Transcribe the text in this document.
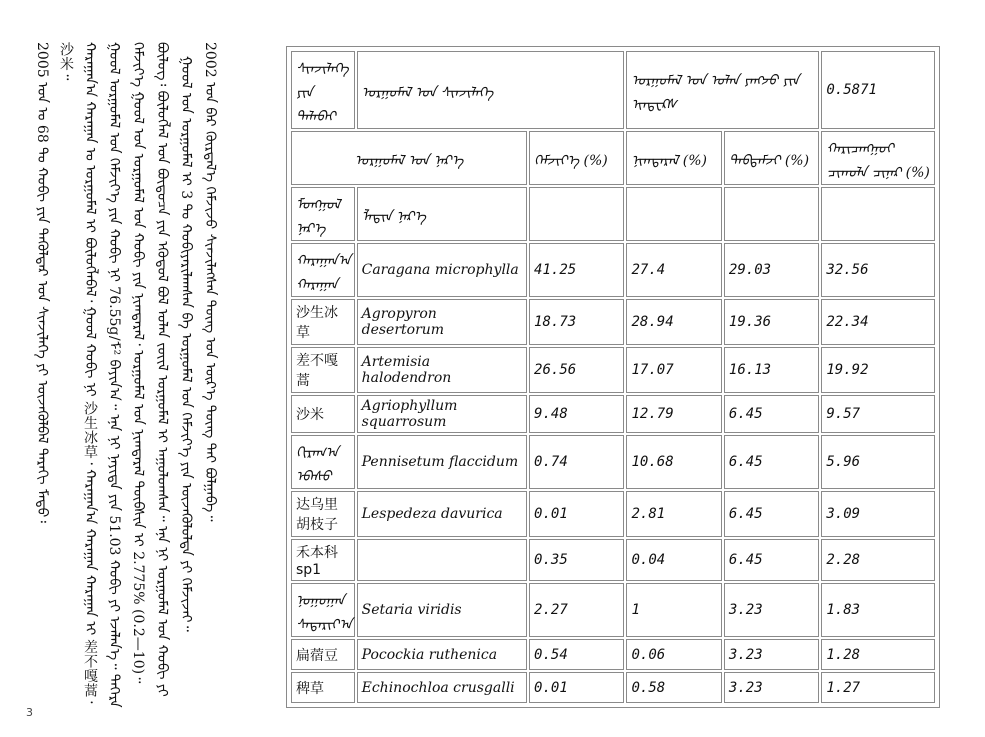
2005 ᠣᠨ ᠤ 68 ᠲᠤ ᠬᠤᠪᠢ ᠶᠢᠨ ᠲᠡᠭᠦᠯᠳᠡᠷ ᠤᠨ ᠰᠢᠨᠵᠢᠯᠡᠭᠡ ᠶᠢ ᠦᠵᠡᠭᠦᠯᠪᠡᠯ ᠳᠠᠷᠠᠬᠢ ᠮᠡᠲᠦ᠄ 沙米᠃ ᠬᠠᠷᠠᠭᠠᠨ᠎ᠠ ᠬᠠᠷᠠᠭᠠᠨ ᠤ ᠤᠷᠭᠤᠮᠠᠯ ᠢ ᠪᠦᠯᠦᠭᠯᠡᠪᠡᠯ᠂ ᠭᠣᠣᠯ ᠬᠤᠪᠢ ᠨᠢ 沙生冰草᠂ ᠬᠠᠷᠠᠭᠠᠨ᠎ᠠ ᠬᠠᠷᠠᠭᠠᠨ ᠬᠠᠷᠠᠭᠠᠨ ᠢ 差不嘎蒿᠂ ᠭᠣᠣᠯ ᠤᠷᠭᠤᠮᠠᠯ ᠤᠨ ᠬᠡᠮᠵᠢᠶ᠎ᠡ ᠶᠢᠨ ᠬᠤᠪᠢ ᠨᠢ 76.55g/ᠮ² ᠪᠠᠶᠢᠨ᠎ᠠ᠃ ᠡᠨᠡ ᠨᠢ ᠨᠡᠶᠢᠲᠡ ᠶᠢᠨ 51.03 ᠬᠤᠪᠢ ᠶᠢ ᠡᠵᠡᠯᠡᠨ᠎ᠡ᠃ ᠳᠡᠭᠡᠷᠡ ᠬᠡᠮᠵᠢᠶ᠎ᠡ ᠭᠣᠣᠯ ᠤᠨ ᠤᠷᠭᠤᠮᠠᠯ ᠤᠨ ᠬᠤᠪᠢ ᠶᠢᠨ ᠨᠢᠭᠲᠠᠷᠠᠯ᠂ ᠤᠷᠭᠤᠮᠠᠯ ᠤᠨ ᠨᠢᠭᠲᠠᠷᠠᠯ ᠲᠦᠪᠰᠢᠨ ᠢ 2.775% (0.2—10)᠃ ᠪᠦᠯᠦᠭ᠄ ᠪᠦᠯᠦᠭᠯᠡᠯ ᠤᠨ ᠪᠦᠲᠦᠴᠡ ᠶᠢᠨ ᠡᠭᠦᠳᠦᠯ ᠪᠤᠯ ᠣᠯᠠᠨ ᠵᠦᠢᠯ ᠤᠷᠭᠤᠮᠠᠯ ᠢ ᠠᠭᠤᠯᠤᠭᠰᠠᠨ᠃ ᠡᠨᠡ ᠨᠢ ᠤᠷᠭᠤᠮᠠᠯ ᠤᠨ ᠬᠤᠪᠢ ᠶᠢ ᠭᠣᠣᠯ ᠤᠨ ᠤᠷᠭᠤᠮᠠᠯ ᠢ 3 ᠲᠤ ᠬᠤᠪᠢᠶᠠᠷᠢᠯᠠᠭᠰᠠᠨ ᠪᠠ ᠤᠷᠭᠤᠮᠠᠯ ᠤᠨ ᠬᠡᠮᠵᠢᠶ᠎ᠡ ᠶᠢᠨ ᠦᠵᠡᠭᠦᠯᠦᠯᠲᠡ ᠶᠢ ᠬᠡᠮᠵᠢᠵᠡᠢ᠃ 2002 ᠣᠨ ᠪᠡᠷ ᠬᠦᠷᠲᠡᠯ᠎ᠡ ᠬᠡᠮᠵᠢᠵᠦ ᠰᠢᠨᠵᠢᠯᠡᠭᠰᠡᠨ ᠳᠦᠩ ᠤᠨ ᠦᠷ᠎ᠡ ᠳᠦᠩ ᠲᠠᠢ ᠪᠣᠯᠭᠠᠪᠠ᠃
3
ᠰᠢᠨᠵᠢᠯᠡᠭᠡ ᠶᠢᠨ ᠲᠠᠯᠠᠪᠠᠢ	ᠤᠷᠭᠤᠮᠠᠯ ᠤᠨ ᠰᠢᠨᠵᠢᠯᠡᠭᠡ		ᠤᠷᠭᠤᠮᠠᠯ ᠤᠨ ᠣᠯᠠᠨ ᠶᠠᠩᠵᠤ ᠶᠢᠨ ᠢᠨᠳᠧᠺᠰ		0.5871
ᠤᠷᠭᠤᠮᠠᠯ ᠤᠨ ᠨᠡᠷ᠎ᠡ		ᠬᠡᠮᠵᠢᠶ᠎ᠡ (%)	ᠨᠢᠭᠲᠠᠷᠠᠯ (%)	ᠳᠠᠪᠲᠠᠮᠵᠢ (%)	ᠬᠠᠷᠢᠴᠠᠩᠭᠤᠢ ᠴᠢᠬᠤᠯᠠ ᠴᠢᠨᠠᠷ (%)
ᠮᠣᠩᠭᠣᠯ ᠨᠡᠷ᠎ᠡ	ᠯᠠᠲᠢᠨ ᠨᠡᠷ᠎ᠡ				
ᠬᠠᠷᠠᠭᠠᠨ᠎ᠠ ᠬᠠᠷᠠᠭᠠᠨ	Caragana microphylla	41.25	27.4	29.03	32.56
沙生冰草	Agropyron desertorum	18.73	28.94	19.36	22.34
差不嘎蒿	Artemisia halodendron	26.56	17.07	16.13	19.92
沙米	Agriophyllum squarrosum	9.48	12.79	6.45	9.57
ᠬᠢᠷᠠᠭ᠎ᠠ ᠡᠪᠡᠰᠦ	Pennisetum flaccidum	0.74	10.68	6.45	5.96
达乌里胡枝子	Lespedeza davurica	0.01	2.81	6.45	3.09
禾本科 sp1		0.35	0.04	6.45	2.28
ᠨᠣᠭᠣᠭᠠᠨ ᠰᠡᠳᠠᠷᠢᠶ᠎ᠠ	Setaria viridis	2.27	1	3.23	1.83
扁蓿豆	Pocockia ruthenica	0.54	0.06	3.23	1.28
稗草	Echinochloa crusgalli	0.01	0.58	3.23	1.27
